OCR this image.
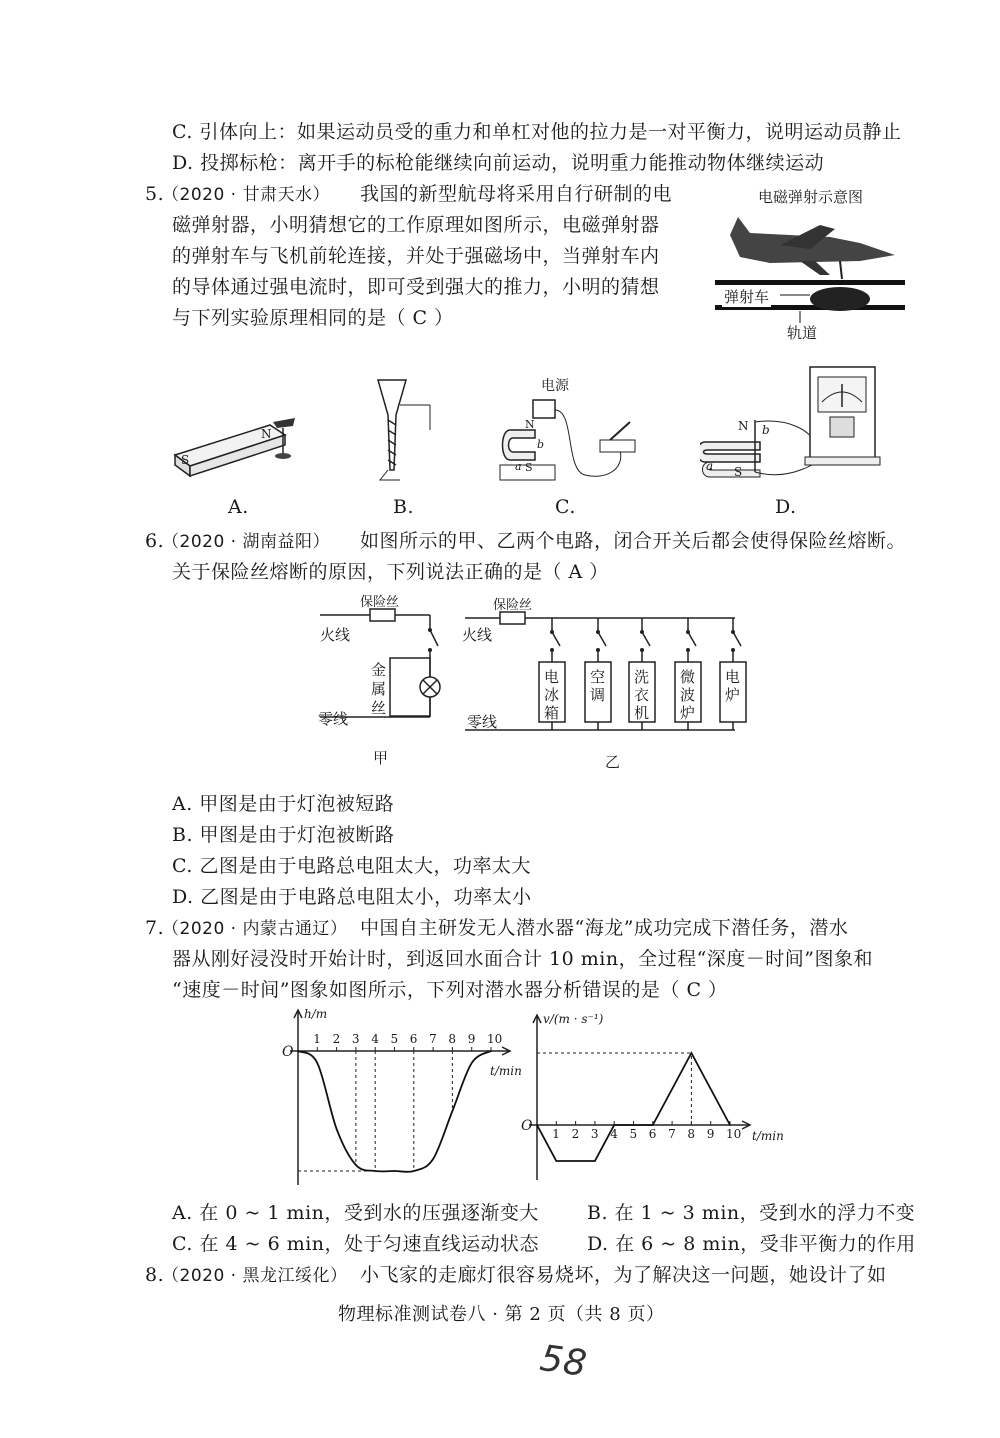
C. 引体向上：如果运动员受的重力和单杠对他的拉力是一对平衡力，说明运动员静止
D. 投掷标枪：离开手的标枪能继续向前运动，说明重力能推动物体继续运动
5.
（2020 · 甘肃天水） 我国的新型航母将采用自行研制的电
磁弹射器，小明猜想它的工作原理如图所示，电磁弹射器
的弹射车与飞机前轮连接，并处于强磁场中，当弹射车内
的导体通过强电流时，即可受到强大的推力，小明的猜想
与下列实验原理相同的是（ C ）
电磁弹射示意图
弹射车
轨道
S
N
电源
N
S
a
b
N
S
a
b
A.	B.	C.	D.
6.
（2020 · 湖南益阳） 如图所示的甲、乙两个电路，闭合开关后都会使得保险丝熔断。
关于保险丝熔断的原因，下列说法正确的是（ A ）
保险丝
火线
零线
金
属
丝
甲
保险丝
火线
零线
乙
电
冰
箱
空
调
洗
衣
机
微
波
炉
电
炉
A. 甲图是由于灯泡被短路
B. 甲图是由于灯泡被断路
C. 乙图是由于电路总电阻太大，功率太大
D. 乙图是由于电路总电阻太小，功率太小
7.
（2020 · 内蒙古通辽） 中国自主研发无人潜水器“海龙”成功完成下潜任务，潜水
器从刚好浸没时开始计时，到返回水面合计 10 min，全过程“深度－时间”图象和
“速度－时间”图象如图所示，下列对潜水器分析错误的是（ C ）
O
h/m
t/min
1 2 3 4 5 6 7 8 9 10
O
v/(m · s⁻¹)
t/min
1 2 3 4 5 6 7 8 9 10
A. 在 0 ~ 1 min，受到水的压强逐渐变大	B. 在 1 ~ 3 min，受到水的浮力不变
C. 在 4 ~ 6 min，处于匀速直线运动状态	D. 在 6 ~ 8 min，受非平衡力的作用
8.
（2020 · 黑龙江绥化） 小飞家的走廊灯很容易烧坏，为了解决这一问题，她设计了如
物理标准测试卷八 · 第 2 页（共 8 页）
58
